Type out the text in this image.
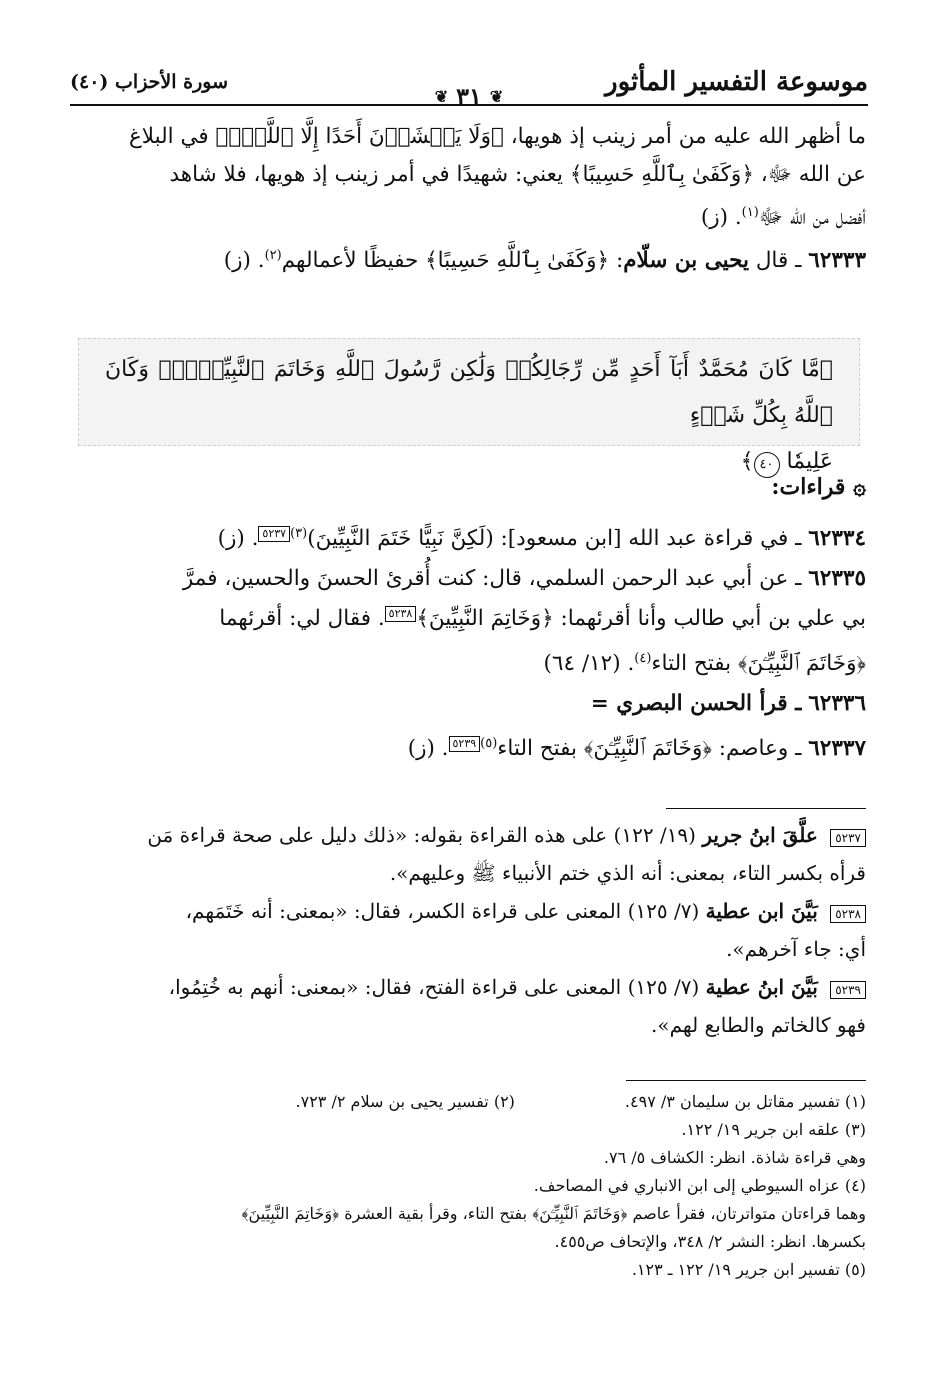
موسوعة التفسير المأثور
سورة الأحزاب (٤٠)
❦
٣١
❦

ما أظهر الله عليه من أمر زينب إذ هويها، ﴿وَلَا يَخۡشَوۡنَ أَحَدًا إِلَّا ٱللَّهَۗ﴾ في البلاغ

عن الله ﷻ، ﴿وَكَفَىٰ بِٱللَّهِ حَسِيبًا﴾ يعني: شهيدًا في أمر زينب إذ هويها، فلا شاهد

أفضل من الله ﷻ$^{(١)}$. (ز)

٦٢٣٣٣ ـ قال يحيى بن سلّام: ﴿وَكَفَىٰ بِٱللَّهِ حَسِيبًا﴾ حفيظًا لأعمالهم$^{(٢)}$. (ز)

﴿مَّا كَانَ مُحَمَّدٌ أَبَآ أَحَدٍ مِّن رِّجَالِكُمۡ وَلَٰكِن رَّسُولَ ٱللَّهِ وَخَاتَمَ ٱلنَّبِيِّـۧنَۗ وَكَانَ ٱللَّهُ بِكُلِّ شَيۡءٍ

عَلِيمٗا ٤٠﴾

۞ قراءات:

٦٢٣٣٤ ـ في قراءة عبد الله [ابن مسعود]: (لَكِنَّ نَبِيًّا خَتَمَ النَّبِيِّينَ)$^{(٣)}$٥٢٣٧. (ز)

٦٢٣٣٥ ـ عن أبي عبد الرحمن السلمي، قال: كنت أُقرئ الحسنَ والحسين، فمرَّ

بي علي بن أبي طالب وأنا أقرئهما: ﴿وَخَاتِمَ النَّبِيِّينَ﴾٥٢٣٨. فقال لي: أقرئهما

﴿وَخَاتَمَ ٱلنَّبِيِّـۧنَ﴾ بفتح التاء$^{(٤)}$. (١٢/ ٦٤)

٦٢٣٣٦ ـ قرأ الحسن البصري =

٦٢٣٣٧ ـ وعاصم: ﴿وَخَاتَمَ ٱلنَّبِيِّـۧنَ﴾ بفتح التاء$^{(٥)}$٥٢٣٩. (ز)

٥٢٣٧ علَّقَ ابنُ جرير (١٩/ ١٢٢) على هذه القراءة بقوله: «ذلك دليل على صحة قراءة مَن

قرأه بكسر التاء، بمعنى: أنه الذي ختم الأنبياء ﷺ وعليهم».

٥٢٣٨ بَيَّنَ ابن عطية (٧/ ١٢٥) المعنى على قراءة الكسر، فقال: «بمعنى: أنه خَتَمَهم،

أي: جاء آخرهم».

٥٢٣٩ بَيَّنَ ابنُ عطية (٧/ ١٢٥) المعنى على قراءة الفتح، فقال: «بمعنى: أنهم به خُتِمُوا،

فهو كالخاتم والطابع لهم».

(١) تفسير مقاتل بن سليمان ٣/ ٤٩٧.
(٢) تفسير يحيى بن سلام ٢/ ٧٢٣.

(٣) علقه ابن جرير ١٩/ ١٢٢.

وهي قراءة شاذة. انظر: الكشاف ٥/ ٧٦.

(٤) عزاه السيوطي إلى ابن الانباري في المصاحف.

وهما قراءتان متواترتان، فقرأ عاصم ﴿وَخَاتَمَ ٱلنَّبِيِّـۧنَ﴾ بفتح التاء، وقرأ بقية العشرة ﴿وَخَاتِمَ النَّبِيِّينَ﴾

بكسرها. انظر: النشر ٢/ ٣٤٨، والإتحاف ص٤٥٥.

(٥) تفسير ابن جرير ١٩/ ١٢٢ ـ ١٢٣.
